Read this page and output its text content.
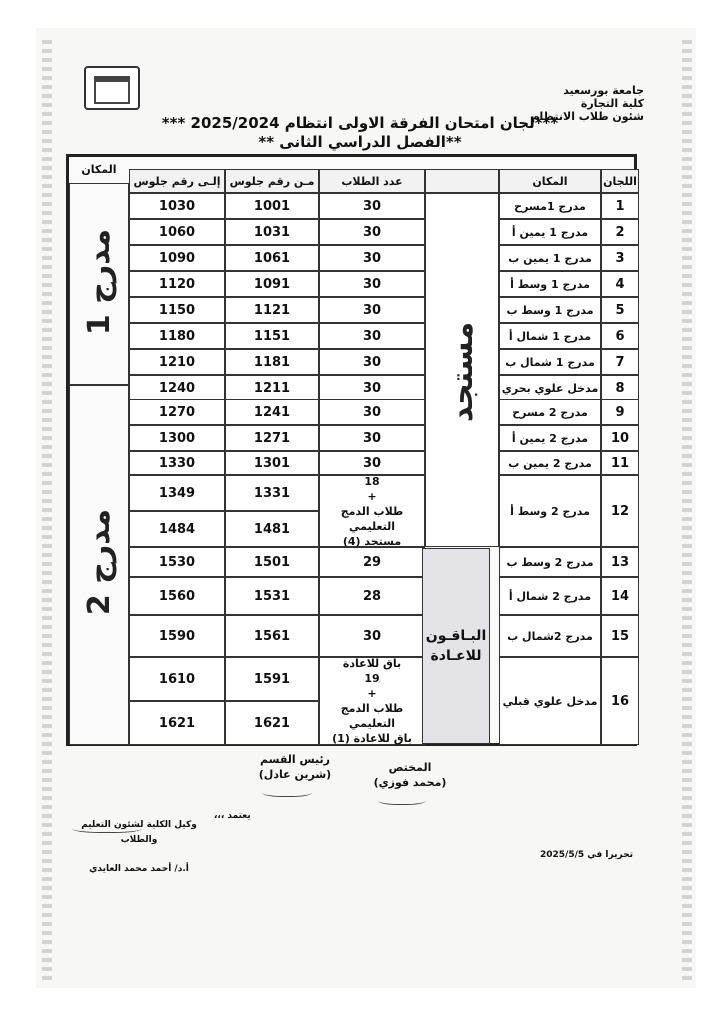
جامعة بورسعيد
كلية التجارة
شئون طلاب الانتظام
***لجان امتحان الفرقة الاولى انتظام 2025/2024 ***
**الفصل الدراسي الثانى **
اللجان
المكان
عدد الطلاب
مـن رقم جلوس
إلـى رقم جلوس
المكان
1
مدرج 1مسرح
30
1001
1030
2
مدرج 1 يمين أ
30
1031
1060
3
مدرج 1 يمين ب
30
1061
1090
4
مدرج 1 وسط أ
30
1091
1120
5
مدرج 1 وسط ب
30
1121
1150
6
مدرج 1 شمال أ
30
1151
1180
7
مدرج 1 شمال ب
30
1181
1210
8
مدخل علوي بحري
30
1211
1240
9
مدرج 2 مسرح
30
1241
1270
10
مدرج 2 يمين أ
30
1271
1300
11
مدرج 2 يمين ب
30
1301
1330
12
مدرج 2 وسط أ
18
+
طلاب الدمج التعليمي
مستجد (4)
1331
1481
1349
1484
13
مدرج 2 وسط ب
29
1501
1530
14
مدرج 2 شمال أ
28
1531
1560
15
مدرج 2شمال ب
30
1561
1590
16
مدخل علوي قبلي
باق للاعادة
19
+
طلاب الدمج التعليمي
باق للاعادة (1)
1591
1621
1610
1621
مستجد
مدرج 1
مدرج 2
البـاقـون
للاعـادة
رئيس القسم
(شرين عادل)
المختص
(محمد فوزي)
يعتمد ،،،
وكيل الكلية لشئون التعليم والطلاب
أ.د/ أحمد محمد العايدي
تحريرا في 2025/5/5
